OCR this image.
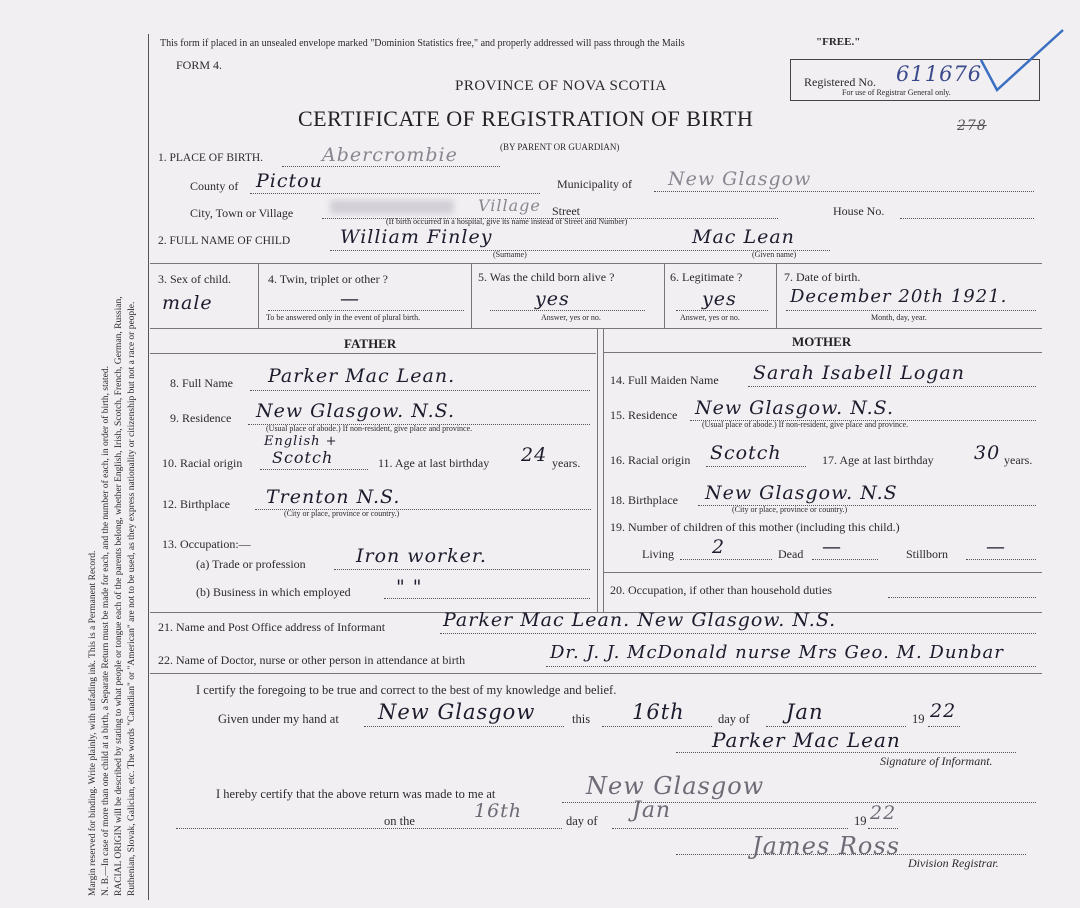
Margin reserved for binding. Write plainly, with unfading ink. This is a Permanent Record. N. B.—In case of more than one child at a birth, a Separate Return must be made for each, and the number of each, in order of birth, stated. RACIAL ORIGIN will be described by stating to what people or tongue each of the parents belong, whether English, Irish, Scotch, French, German, Russian, Ruthenian, Slovak, Galician, etc. The words "Canadian" or "American" are not to be used, as they express nationality or citizenship but not a race or people.
This form if placed in an unsealed envelope marked "Dominion Statistics free," and properly addressed will pass through the Mails	"FREE."
FORM 4.
PROVINCE OF NOVA SCOTIA
CERTIFICATE OF REGISTRATION OF BIRTH
(BY PARENT OR GUARDIAN)
Registered No. 611676
For use of Registrar General only.
278
1. PLACE OF BIRTH.	Abercrombie
County of Pictou	Municipality of New Glasgow
City, Town or Village	Village Street	House No.
(If birth occurred in a hospital, give its name instead of Street and Number)
2. FULL NAME OF CHILD	William Finley	Mac Lean
(Surname)	(Given name)
3. Sex of child.
male
4. Twin, triplet or other ?
—
To be answered only in the event of plural birth.
5. Was the child born alive ?
yes
Answer, yes or no.
6. Legitimate ?
yes
Answer, yes or no.
7. Date of birth.
December 20th 1921.
Month, day, year.
FATHER	MOTHER
8. Full Name Parker Mac Lean.
9. Residence New Glasgow. N.S.
(Usual place of abode.) If non-resident, give place and province.
10. Racial origin
English +
Scotch	11. Age at last birthday 24 years.
12. Birthplace Trenton N.S.
(City or place, province or country.)
13. Occupation:—
(a) Trade or profession	Iron worker.
(b) Business in which employed " "
14. Full Maiden Name Sarah Isabell Logan
15. Residence New Glasgow. N.S.
(Usual place of abode.) If non-resident, give place and province.
16. Racial origin Scotch	17. Age at last birthday 30 years.
18. Birthplace New Glasgow. N.S
(City or place, province or country.)
19. Number of children of this mother (including this child.)
Living 2	Dead —	Stillborn —
20. Occupation, if other than household duties
21. Name and Post Office address of Informant	Parker Mac Lean. New Glasgow. N.S.
22. Name of Doctor, nurse or other person in attendance at birth	Dr. J. J. McDonald nurse Mrs Geo. M. Dunbar
I certify the foregoing to be true and correct to the best of my knowledge and belief.
Given under my hand at New Glasgow	this 16th	day of Jan	19 22
Parker Mac Lean
Signature of Informant.
I hereby certify that the above return was made to me at	New Glasgow
on the	16th	day of Jan	19 22
James Ross
Division Registrar.
